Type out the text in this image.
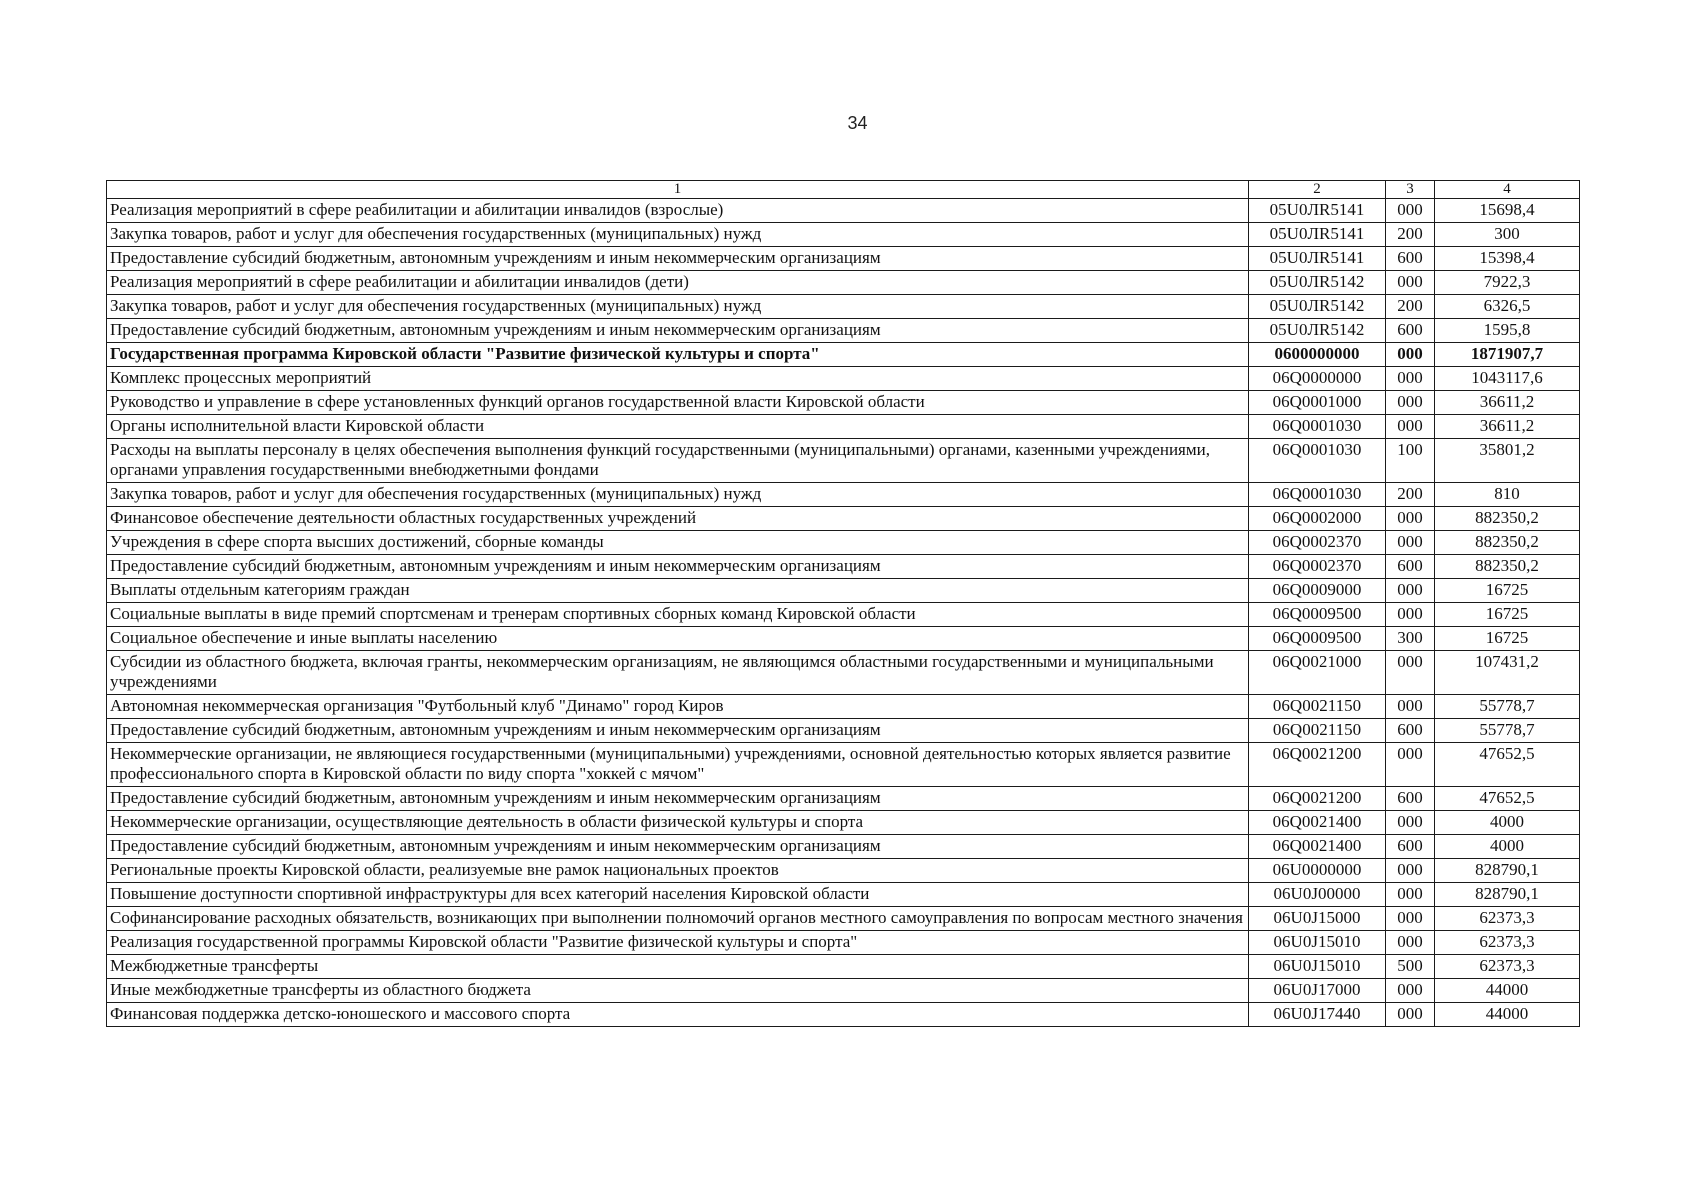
34
1	2	3	4
Реализация мероприятий в сфере реабилитации и абилитации инвалидов (взрослые)	05U0ЛR5141	000	15698,4
Закупка товаров, работ и услуг для обеспечения государственных (муниципальных) нужд	05U0ЛR5141	200	300
Предоставление субсидий бюджетным, автономным учреждениям и иным некоммерческим организациям	05U0ЛR5141	600	15398,4
Реализация мероприятий в сфере реабилитации и абилитации инвалидов (дети)	05U0ЛR5142	000	7922,3
Закупка товаров, работ и услуг для обеспечения государственных (муниципальных) нужд	05U0ЛR5142	200	6326,5
Предоставление субсидий бюджетным, автономным учреждениям и иным некоммерческим организациям	05U0ЛR5142	600	1595,8
Государственная программа Кировской области "Развитие физической культуры и спорта"	0600000000	000	1871907,7
Комплекс процессных мероприятий	06Q0000000	000	1043117,6
Руководство и управление в сфере установленных функций органов государственной власти Кировской области	06Q0001000	000	36611,2
Органы исполнительной власти Кировской области	06Q0001030	000	36611,2
Расходы на выплаты персоналу в целях обеспечения выполнения функций государственными (муниципальными) органами, казенными учреждениями, органами управления государственными внебюджетными фондами	06Q0001030	100	35801,2
Закупка товаров, работ и услуг для обеспечения государственных (муниципальных) нужд	06Q0001030	200	810
Финансовое обеспечение деятельности областных государственных учреждений	06Q0002000	000	882350,2
Учреждения в сфере спорта высших достижений, сборные команды	06Q0002370	000	882350,2
Предоставление субсидий бюджетным, автономным учреждениям и иным некоммерческим организациям	06Q0002370	600	882350,2
Выплаты отдельным категориям граждан	06Q0009000	000	16725
Социальные выплаты в виде премий спортсменам и тренерам спортивных сборных команд Кировской области	06Q0009500	000	16725
Социальное обеспечение и иные выплаты населению	06Q0009500	300	16725
Субсидии из областного бюджета, включая гранты, некоммерческим организациям, не являющимся областными государственными и муниципальными учреждениями	06Q0021000	000	107431,2
Автономная некоммерческая организация "Футбольный клуб "Динамо" город Киров	06Q0021150	000	55778,7
Предоставление субсидий бюджетным, автономным учреждениям и иным некоммерческим организациям	06Q0021150	600	55778,7
Некоммерческие организации, не являющиеся государственными (муниципальными) учреждениями, основной деятельностью которых является развитие профессионального спорта в Кировской области по виду спорта "хоккей с мячом"	06Q0021200	000	47652,5
Предоставление субсидий бюджетным, автономным учреждениям и иным некоммерческим организациям	06Q0021200	600	47652,5
Некоммерческие организации, осуществляющие деятельность в области физической культуры и спорта	06Q0021400	000	4000
Предоставление субсидий бюджетным, автономным учреждениям и иным некоммерческим организациям	06Q0021400	600	4000
Региональные проекты Кировской области, реализуемые вне рамок национальных проектов	06U0000000	000	828790,1
Повышение доступности спортивной инфраструктуры для всех категорий населения Кировской области	06U0J00000	000	828790,1
Софинансирование расходных обязательств, возникающих при выполнении полномочий органов местного самоуправления по вопросам местного значения	06U0J15000	000	62373,3
Реализация государственной программы Кировской области "Развитие физической культуры и спорта"	06U0J15010	000	62373,3
Межбюджетные трансферты	06U0J15010	500	62373,3
Иные межбюджетные трансферты из областного бюджета	06U0J17000	000	44000
Финансовая поддержка детско-юношеского и массового спорта	06U0J17440	000	44000
